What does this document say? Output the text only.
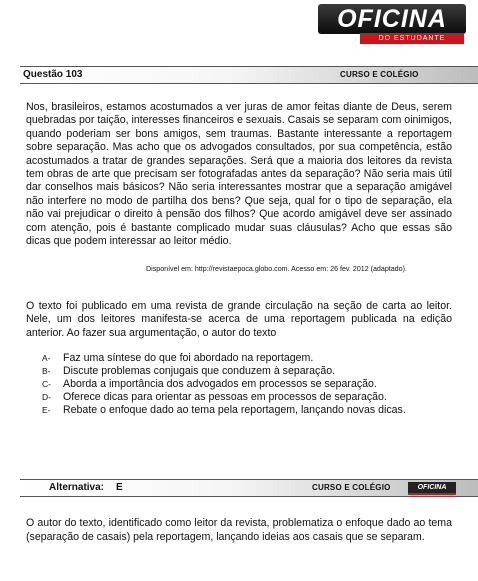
OFICINA
DO ESTUDANTE
Questão 103	CURSO E COLÉGIO
Nos, brasileiros, estamos acostumados a ver juras de amor feitas diante de Deus, serem quebradas por taição, interesses financeiros e sexuais. Casais se separam com oinimigos, quando poderiam ser bons amigos, sem traumas. Bastante interessante a reportagem sobre separação. Mas acho que os advogados consultados, por sua competência, estão acostumados a tratar de grandes separações. Será que a maioria dos leitores da revista tem obras de arte que precisam ser fotografadas antes da separação? Não seria mais útil dar conselhos mais básicos? Não seria interessantes mostrar que a separação amigável não interfere no modo de partilha dos bens? Que seja, qual for o tipo de separação, ela não vai prejudicar o direito à pensão dos filhos? Que acordo amigável deve ser assinado com atenção, pois é bastante complicado mudar suas cláusulas? Acho que essas são dicas que podem interessar ao leitor médio.
Disponível em: http://revistaepoca.globo.com. Acesso em: 26 fev. 2012 (adaptado).
O texto foi publicado em uma revista de grande circulação na seção de carta ao leitor. Nele, um dos leitores manifesta-se acerca de uma reportagem publicada na edição anterior. Ao fazer sua argumentação, o autor do texto
A- Faz uma síntese do que foi abordado na reportagem.
B- Discute problemas conjugais que conduzem à separação.
C- Aborda a importância dos advogados em processos se separação.
D- Oferece dicas para orientar as pessoas em processos de separação.
E- Rebate o enfoque dado ao tema pela reportagem, lançando novas dicas.
Alternativa: E	CURSO E COLÉGIO	OFICINA
O autor do texto, identificado como leitor da revista, problematiza o enfoque dado ao tema (separação de casais) pela reportagem, lançando ideias aos casais que se separam.
